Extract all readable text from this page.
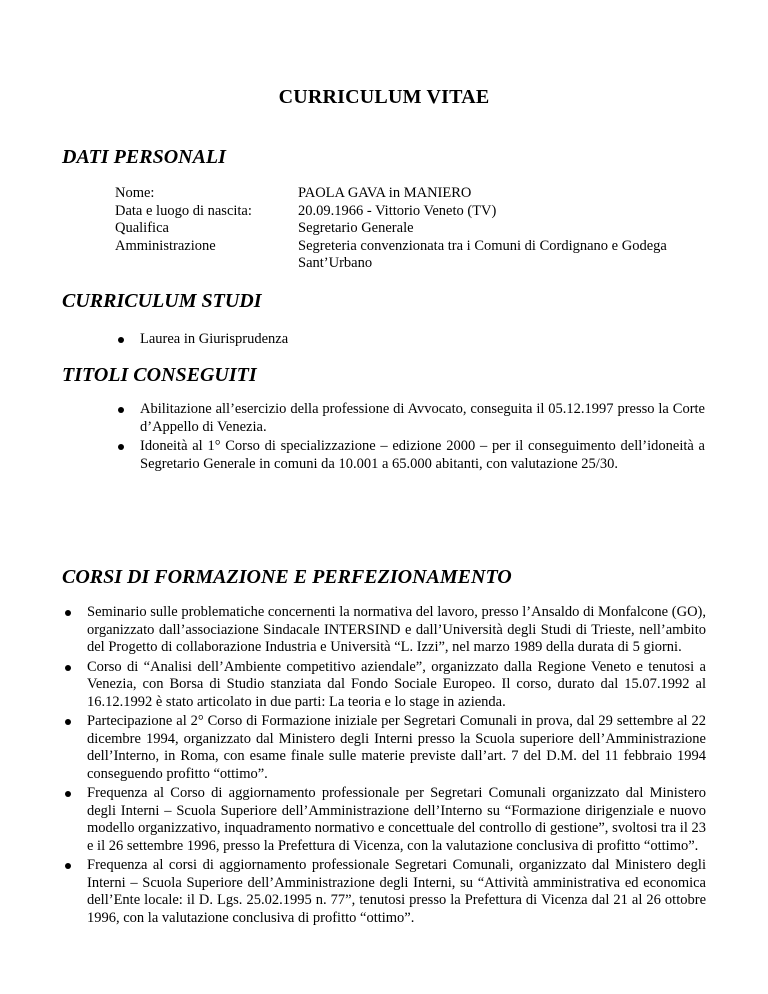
CURRICULUM VITAE
DATI PERSONALI
Nome:	PAOLA GAVA in MANIERO
Data e luogo di nascita:	20.09.1966 - Vittorio Veneto (TV)
Qualifica	Segretario Generale
Amministrazione	Segreteria convenzionata tra i Comuni di Cordignano e Godega Sant’Urbano
CURRICULUM STUDI
Laurea in Giurisprudenza
TITOLI CONSEGUITI
Abilitazione all’esercizio della professione di Avvocato, conseguita il 05.12.1997 presso la Corte d’Appello di Venezia.
Idoneità al 1° Corso di specializzazione – edizione 2000 – per il conseguimento dell’idoneità a Segretario Generale in comuni da 10.001 a 65.000 abitanti, con valutazione 25/30.
CORSI DI FORMAZIONE E PERFEZIONAMENTO
Seminario sulle problematiche concernenti la normativa del lavoro, presso l’Ansaldo di Monfalcone (GO), organizzato dall’associazione Sindacale INTERSIND e dall’Università degli Studi di Trieste, nell’ambito del Progetto di collaborazione Industria e Università “L. Izzi”, nel marzo 1989 della durata di 5 giorni.
Corso di “Analisi dell’Ambiente competitivo aziendale”, organizzato dalla Regione Veneto e tenutosi a Venezia, con Borsa di Studio stanziata dal Fondo Sociale Europeo. Il corso, durato dal 15.07.1992 al 16.12.1992 è stato articolato in due parti: La teoria e lo stage in azienda.
Partecipazione al 2° Corso di Formazione iniziale per Segretari Comunali in prova, dal 29 settembre al 22 dicembre 1994, organizzato dal Ministero degli Interni presso la Scuola superiore dell’Amministrazione dell’Interno, in Roma, con esame finale sulle materie previste dall’art. 7 del D.M. del 11 febbraio 1994 conseguendo profitto “ottimo”.
Frequenza al Corso di aggiornamento professionale per Segretari Comunali organizzato dal Ministero degli Interni – Scuola Superiore dell’Amministrazione dell’Interno su “Formazione dirigenziale e nuovo modello organizzativo, inquadramento normativo e concettuale del controllo di gestione”, svoltosi tra il 23 e il 26 settembre 1996, presso la Prefettura di Vicenza, con la valutazione conclusiva di profitto “ottimo”.
Frequenza al corsi di aggiornamento professionale Segretari Comunali, organizzato dal Ministero degli Interni – Scuola Superiore dell’Amministrazione degli Interni, su “Attività amministrativa ed economica dell’Ente locale: il D. Lgs. 25.02.1995 n. 77”, tenutosi presso la Prefettura di Vicenza dal 21 al 26 ottobre 1996, con la valutazione conclusiva di profitto “ottimo”.
